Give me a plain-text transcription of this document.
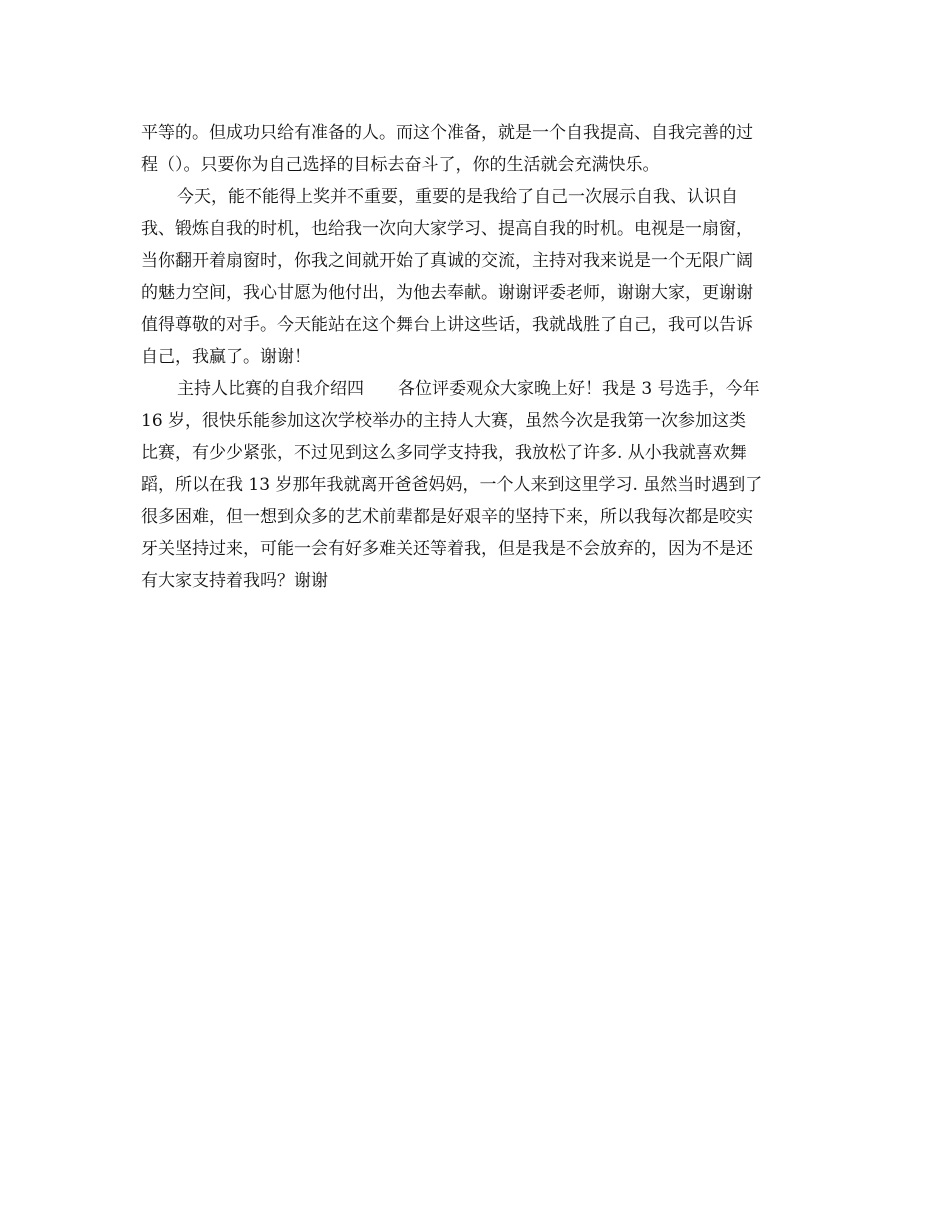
平等的。但成功只给有准备的人。而这个准备，就是一个自我提高、自我完善的过
程（）。只要你为自己选择的目标去奋斗了，你的生活就会充满快乐。
今天，能不能得上奖并不重要，重要的是我给了自己一次展示自我、认识自
我、锻炼自我的时机，也给我一次向大家学习、提高自我的时机。电视是一扇窗，
当你翻开着扇窗时，你我之间就开始了真诚的交流，主持对我来说是一个无限广阔
的魅力空间，我心甘愿为他付出，为他去奉献。谢谢评委老师，谢谢大家，更谢谢
值得尊敬的对手。今天能站在这个舞台上讲这些话，我就战胜了自己，我可以告诉
自己，我赢了。谢谢！
主持人比赛的自我介绍四　　各位评委观众大家晚上好！我是 3 号选手，今年
16 岁，很快乐能参加这次学校举办的主持人大赛，虽然今次是我第一次参加这类
比赛，有少少紧张，不过见到这么多同学支持我，我放松了许多. 从小我就喜欢舞
蹈，所以在我 13 岁那年我就离开爸爸妈妈，一个人来到这里学习. 虽然当时遇到了
很多困难，但一想到众多的艺术前辈都是好艰辛的坚持下来，所以我每次都是咬实
牙关坚持过来，可能一会有好多难关还等着我，但是我是不会放弃的，因为不是还
有大家支持着我吗？谢谢
